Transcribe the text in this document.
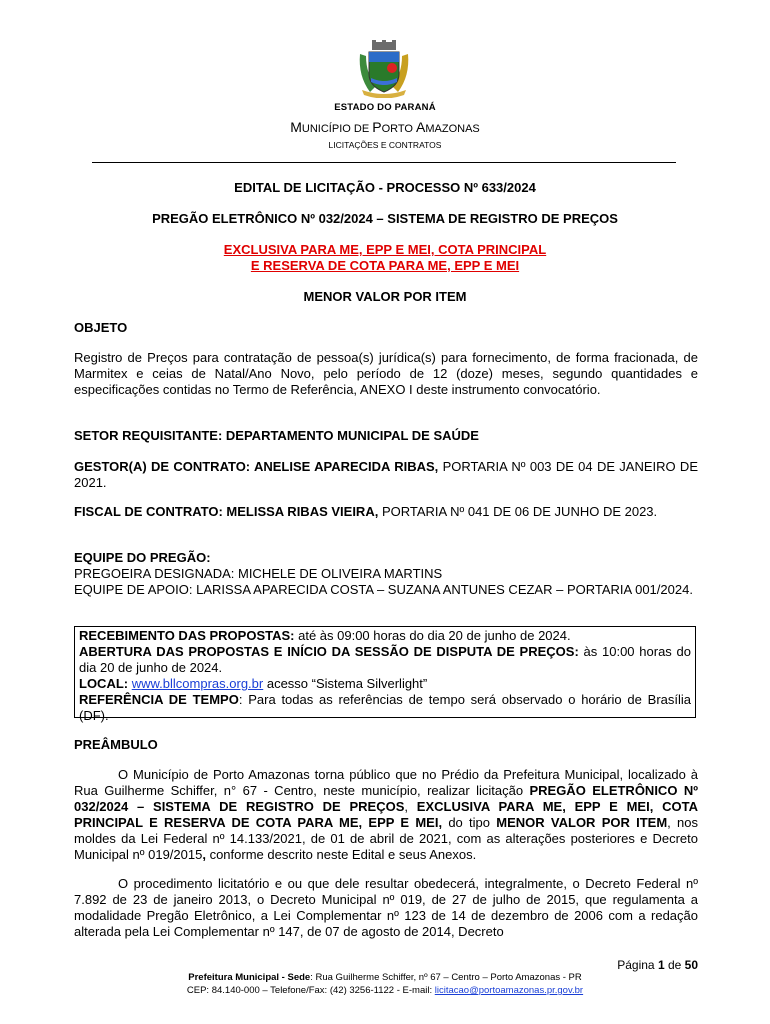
ESTADO DO PARANÁ
MUNICÍPIO DE PORTO AMAZONAS
LICITAÇÕES E CONTRATOS
EDITAL DE LICITAÇÃO - PROCESSO Nº 633/2024
PREGÃO ELETRÔNICO Nº 032/2024 – SISTEMA DE REGISTRO DE PREÇOS
EXCLUSIVA PARA ME, EPP E MEI, COTA PRINCIPAL
E RESERVA DE COTA PARA ME, EPP E MEI
MENOR VALOR POR ITEM
OBJETO
Registro de Preços para contratação de pessoa(s) jurídica(s) para fornecimento, de forma fracionada, de Marmitex e ceias de Natal/Ano Novo, pelo período de 12 (doze) meses, segundo quantidades e especificações contidas no Termo de Referência, ANEXO I deste instrumento convocatório.
SETOR REQUISITANTE: DEPARTAMENTO MUNICIPAL DE SAÚDE
GESTOR(A) DE CONTRATO: ANELISE APARECIDA RIBAS, PORTARIA Nº 003 DE 04 DE JANEIRO DE 2021.
FISCAL DE CONTRATO: MELISSA RIBAS VIEIRA, PORTARIA Nº 041 DE 06 DE JUNHO DE 2023.
EQUIPE DO PREGÃO:
PREGOEIRA DESIGNADA: MICHELE DE OLIVEIRA MARTINS
EQUIPE DE APOIO: LARISSA APARECIDA COSTA – SUZANA ANTUNES CEZAR – PORTARIA 001/2024.
RECEBIMENTO DAS PROPOSTAS: até às 09:00 horas do dia 20 de junho de 2024.
ABERTURA DAS PROPOSTAS E INÍCIO DA SESSÃO DE DISPUTA DE PREÇOS: às 10:00 horas do dia 20 de junho de 2024.
LOCAL: www.bllcompras.org.br acesso “Sistema Silverlight”
REFERÊNCIA DE TEMPO: Para todas as referências de tempo será observado o horário de Brasília (DF).
PREÂMBULO
O Município de Porto Amazonas torna público que no Prédio da Prefeitura Municipal, localizado à Rua Guilherme Schiffer, n° 67 - Centro, neste município, realizar licitação PREGÃO ELETRÔNICO Nº 032/2024 – SISTEMA DE REGISTRO DE PREÇOS, EXCLUSIVA PARA ME, EPP E MEI, COTA PRINCIPAL E RESERVA DE COTA PARA ME, EPP E MEI, do tipo MENOR VALOR POR ITEM, nos moldes da Lei Federal nº 14.133/2021, de 01 de abril de 2021, com as alterações posteriores e Decreto Municipal nº 019/2015, conforme descrito neste Edital e seus Anexos.
O procedimento licitatório e ou que dele resultar obedecerá, integralmente, o Decreto Federal nº 7.892 de 23 de janeiro 2013, o Decreto Municipal nº 019, de 27 de julho de 2015, que regulamenta a modalidade Pregão Eletrônico, a Lei Complementar nº 123 de 14 de dezembro de 2006 com a redação alterada pela Lei Complementar nº 147, de 07 de agosto de 2014, Decreto
Página 1 de 50
Prefeitura Municipal - Sede: Rua Guilherme Schiffer, nº 67 – Centro – Porto Amazonas - PR
CEP: 84.140-000 – Telefone/Fax: (42) 3256-1122 - E-mail: licitacao@portoamazonas.pr.gov.br
